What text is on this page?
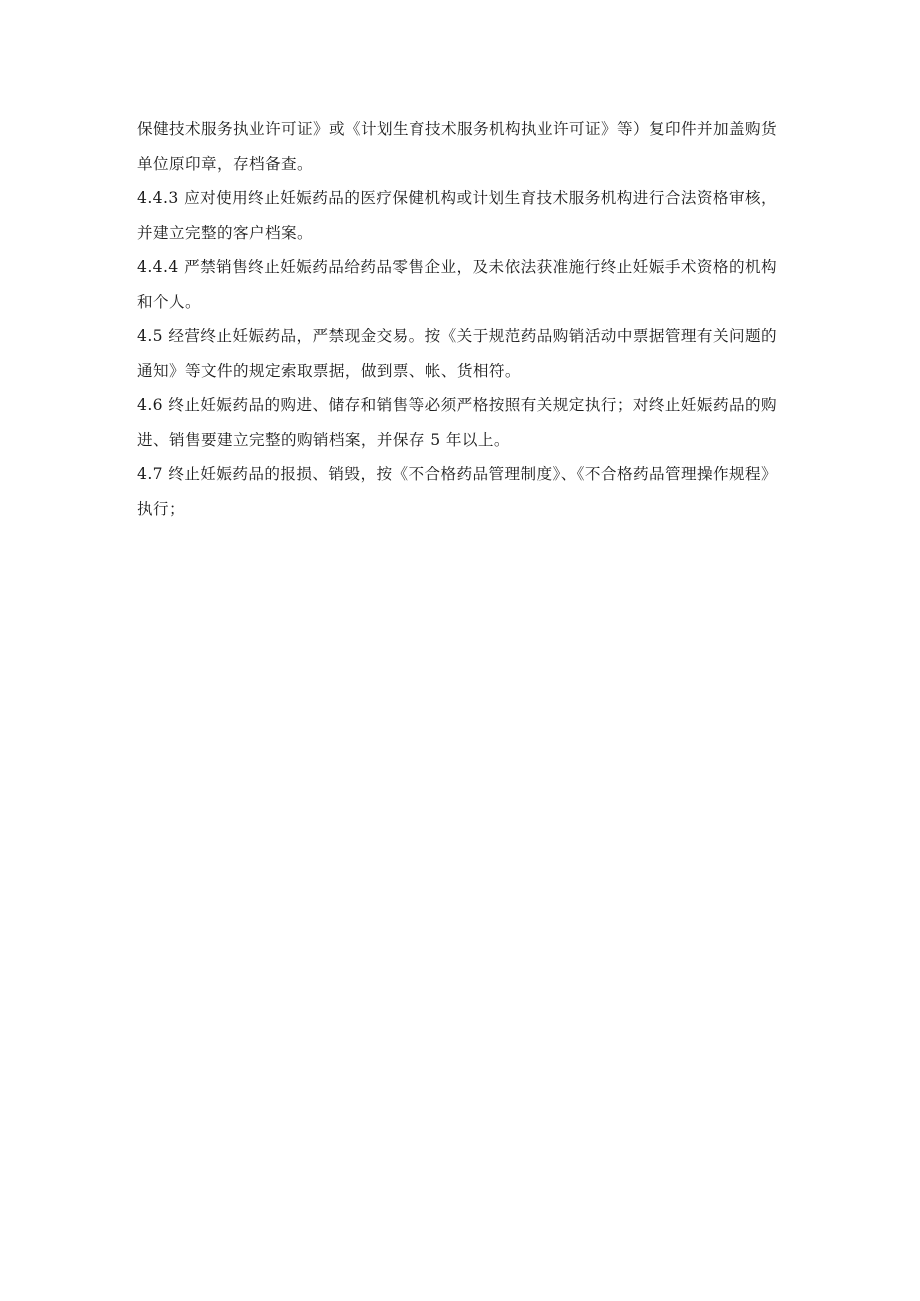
保健技术服务执业许可证》或《计划生育技术服务机构执业许可证》等）复印件并加盖购货单位原印章，存档备查。

4.4.3 应对使用终止妊娠药品的医疗保健机构或计划生育技术服务机构进行合法资格审核，并建立完整的客户档案。

4.4.4 严禁销售终止妊娠药品给药品零售企业，及未依法获准施行终止妊娠手术资格的机构和个人。

4.5 经营终止妊娠药品，严禁现金交易。按《关于规范药品购销活动中票据管理有关问题的通知》等文件的规定索取票据，做到票、帐、货相符。

4.6 终止妊娠药品的购进、储存和销售等必须严格按照有关规定执行；对终止妊娠药品的购进、销售要建立完整的购销档案，并保存 5 年以上。

4.7 终止妊娠药品的报损、销毁，按《不合格药品管理制度》、《不合格药品管理操作规程》执行；
